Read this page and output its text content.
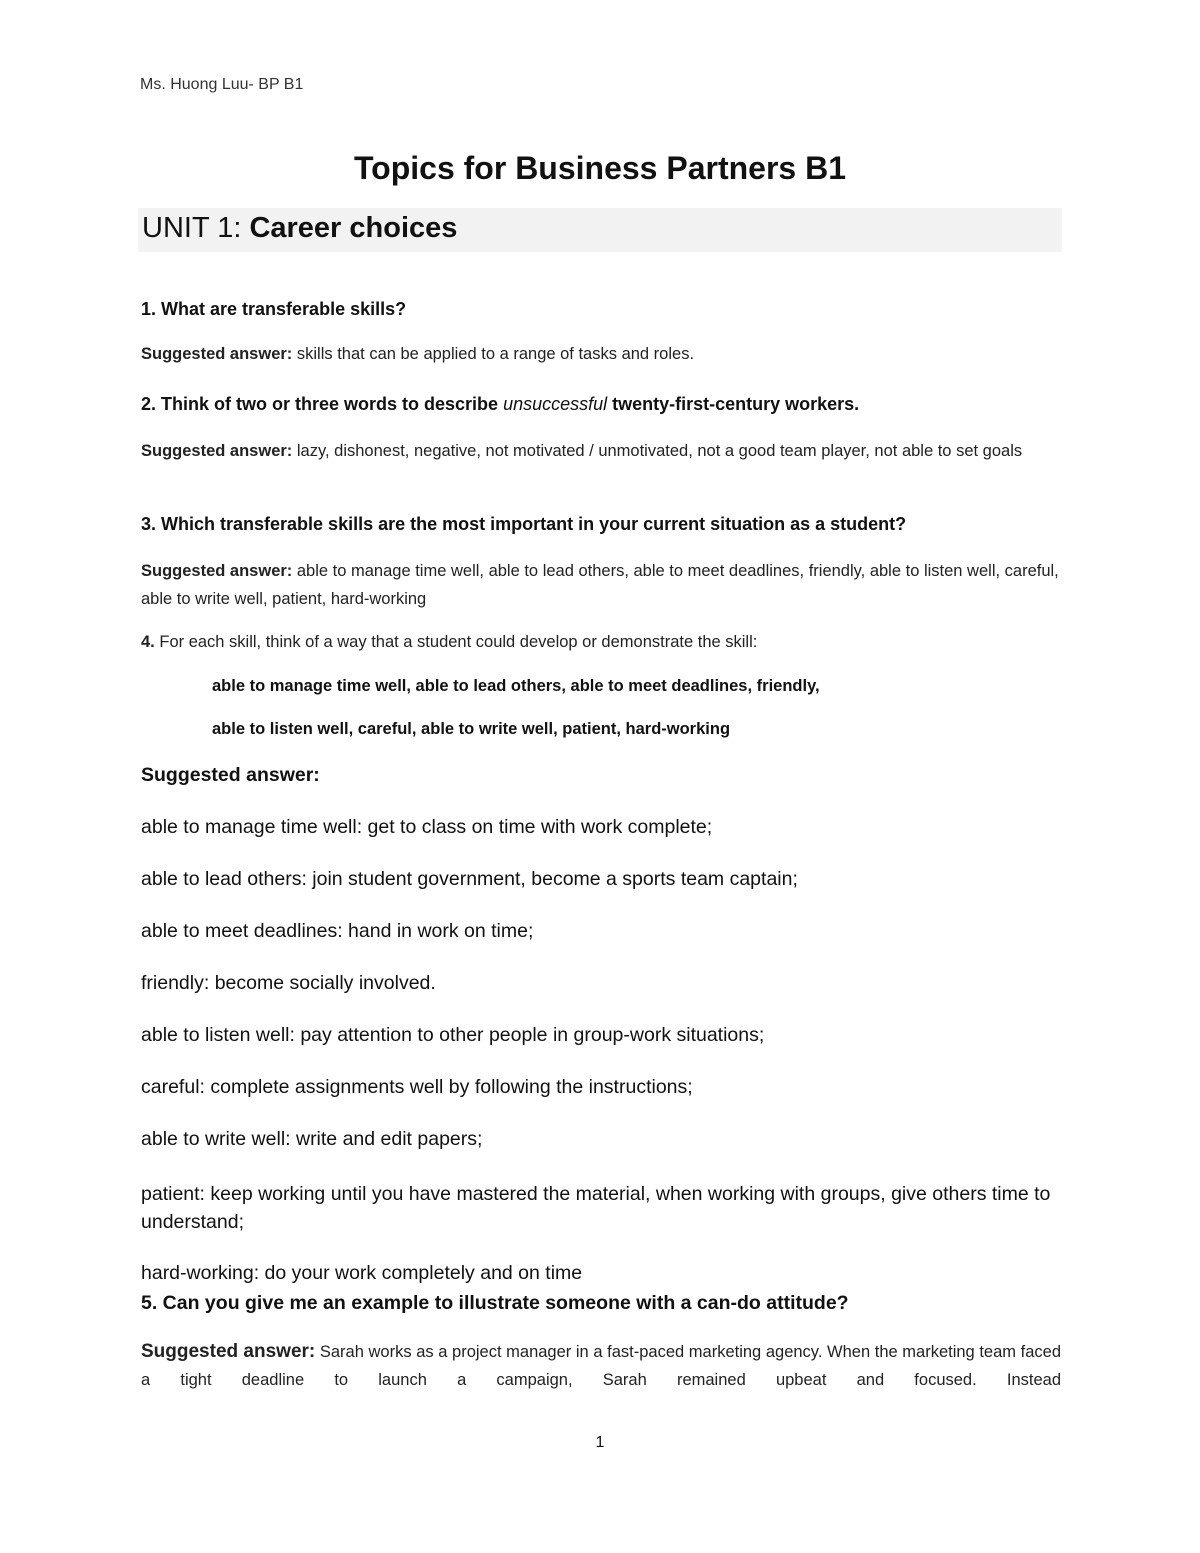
Ms. Huong Luu- BP B1

Topics for Business Partners B1

UNIT 1: Career choices

1. What are transferable skills?

Suggested answer: skills that can be applied to a range of tasks and roles.

2. Think of two or three words to describe unsuccessful twenty-first-century workers.

Suggested answer: lazy, dishonest, negative, not motivated / unmotivated, not a good team player, not able to set goals

3. Which transferable skills are the most important in your current situation as a student?

Suggested answer: able to manage time well, able to lead others, able to meet deadlines, friendly, able to listen well, careful, able to write well, patient, hard-working

4. For each skill, think of a way that a student could develop or demonstrate the skill:

able to manage time well, able to lead others, able to meet deadlines, friendly,

able to listen well, careful, able to write well, patient, hard-working

Suggested answer:

able to manage time well: get to class on time with work complete;

able to lead others: join student government, become a sports team captain;

able to meet deadlines: hand in work on time;

friendly: become socially involved.

able to listen well: pay attention to other people in group-work situations;

careful: complete assignments well by following the instructions;

able to write well: write and edit papers;

patient: keep working until you have mastered the material, when working with groups, give others time to understand;

hard-working: do your work completely and on time

5. Can you give me an example to illustrate someone with a can-do attitude?

Suggested answer: Sarah works as a project manager in a fast-paced marketing agency. When the marketing team faced a tight deadline to launch a campaign, Sarah remained upbeat and focused. Instead

1
